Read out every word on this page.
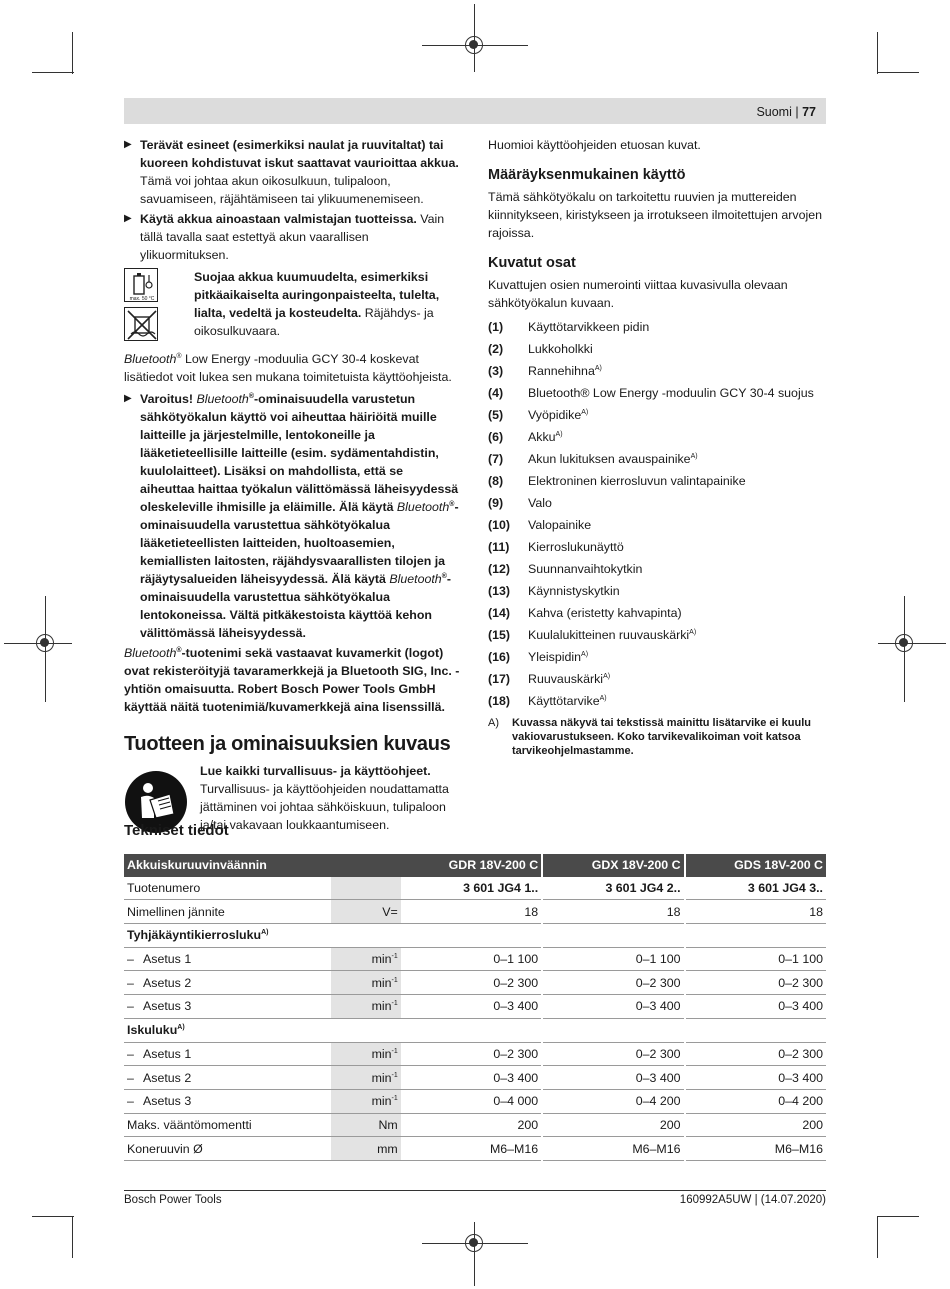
Suomi | 77

▶ Terävät esineet (esimerkiksi naulat ja ruuvitaltat) tai kuoreen kohdistuvat iskut saattavat vaurioittaa akkua. Tämä voi johtaa akun oikosulkuun, tulipaloon, savuamiseen, räjähtämiseen tai ylikuumenemiseen.

▶ Käytä akkua ainoastaan valmistajan tuotteissa. Vain tällä tavalla saat estettyä akun vaarallisen ylikuormituksen.

max. 50 °C

Suojaa akkua kuumuudelta, esimerkiksi pitkäaikaiselta auringonpaisteelta, tulelta, lialta, vedeltä ja kosteudelta. Räjähdys- ja oikosulkuvaara.

Bluetooth® Low Energy -moduulia GCY 30-4 koskevat lisätiedot voit lukea sen mukana toimitetuista käyttöohjeista.

▶ Varoitus! Bluetooth®-ominaisuudella varustetun sähkötyökalun käyttö voi aiheuttaa häiriöitä muille laitteille ja järjestelmille, lentokoneille ja lääketieteellisille laitteille (esim. sydämentahdistin, kuulolaitteet). Lisäksi on mahdollista, että se aiheuttaa haittaa työkalun välittömässä läheisyydessä oleskeleville ihmisille ja eläimille. Älä käytä Bluetooth®-ominaisuudella varustettua sähkötyökalua lääketieteellisten laitteiden, huoltoasemien, kemiallisten laitosten, räjähdysvaarallisten tilojen ja räjäytysalueiden läheisyydessä. Älä käytä Bluetooth®-ominaisuudella varustettua sähkötyökalua lentokoneissa. Vältä pitkäkestoista käyttöä kehon välittömässä läheisyydessä.

Bluetooth®-tuotenimi sekä vastaavat kuvamerkit (logot) ovat rekisteröityjä tavaramerkkejä ja Bluetooth SIG, Inc. -yhtiön omaisuutta. Robert Bosch Power Tools GmbH käyttää näitä tuotenimiä/kuvamerkkejä aina lisenssillä.

Tuotteen ja ominaisuuksien kuvaus

Lue kaikki turvallisuus- ja käyttöohjeet. Turvallisuus- ja käyttöohjeiden noudattamatta jättäminen voi johtaa sähköiskuun, tulipaloon ja/tai vakavaan loukkaantumiseen.

Huomioi käyttöohjeiden etuosan kuvat.

Määräyksenmukainen käyttö

Tämä sähkötyökalu on tarkoitettu ruuvien ja muttereiden kiinnitykseen, kiristykseen ja irrotukseen ilmoitettujen arvojen rajoissa.

Kuvatut osat

Kuvattujen osien numerointi viittaa kuvasivulla olevaan sähkötyökalun kuvaan.

(1)	Käyttötarvikkeen pidin
(2)	Lukkoholkki
(3)	Rannehihna$^{A)}$
(4)	Bluetooth® Low Energy -moduulin GCY 30-4 suojus
(5)	Vyöpidike$^{A)}$
(6)	Akku$^{A)}$
(7)	Akun lukituksen avauspainike$^{A)}$
(8)	Elektroninen kierrosluvun valintapainike
(9)	Valo
(10)	Valopainike
(11)	Kierroslukunäyttö
(12)	Suunnanvaihtokytkin
(13)	Käynnistyskytkin
(14)	Kahva (eristetty kahvapinta)
(15)	Kuulalukitteinen ruuvauskärki$^{A)}$
(16)	Yleispidin$^{A)}$
(17)	Ruuvauskärki$^{A)}$
(18)	Käyttötarvike$^{A)}$
A)	Kuvassa näkyvä tai tekstissä mainittu lisätarvike ei kuulu vakiovarustukseen. Koko tarvikevalikoiman voit katsoa tarvikeohjelmastamme.
Tekniset tiedot
Akkuiskuruuvinväännin		GDR 18V-200 C	GDX 18V-200 C	GDS 18V-200 C
Tuotenumero		3 601 JG4 1..	3 601 JG4 2..	3 601 JG4 3..
Nimellinen jännite	V=	18	18	18
Tyhjäkäyntikierrosluku$^{A)}$
– Asetus 1	$\min^{-1}$	0–1 100	0–1 100	0–1 100
– Asetus 2	$\min^{-1}$	0–2 300	0–2 300	0–2 300
– Asetus 3	$\min^{-1}$	0–3 400	0–3 400	0–3 400
Iskuluku$^{A)}$
– Asetus 1	$\min^{-1}$	0–2 300	0–2 300	0–2 300
– Asetus 2	$\min^{-1}$	0–3 400	0–3 400	0–3 400
– Asetus 3	$\min^{-1}$	0–4 000	0–4 200	0–4 200
Maks. vääntömomentti	Nm	200	200	200
Koneruuvin Ø	mm	M6–M16	M6–M16	M6–M16
Bosch Power Tools	160992A5UW | (14.07.2020)
